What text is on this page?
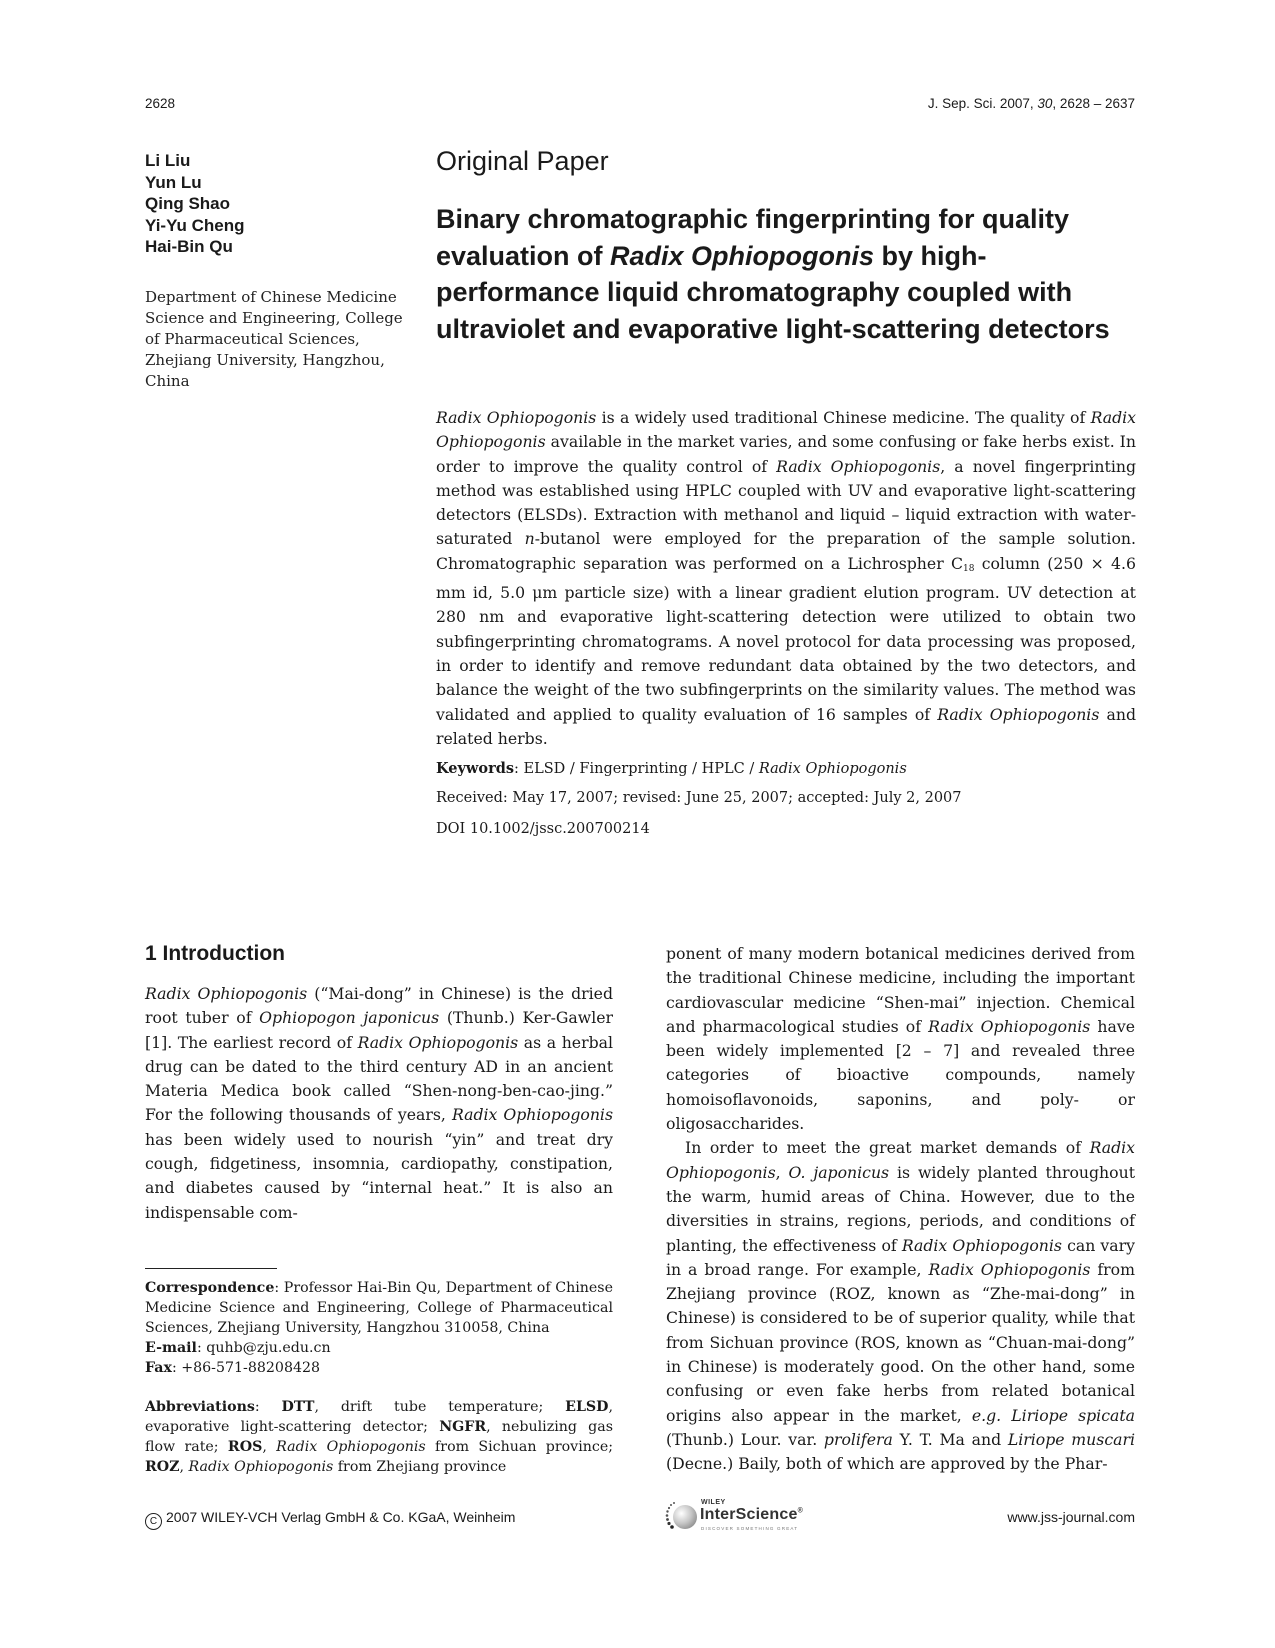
2628	J. Sep. Sci. 2007, 30, 2628 – 2637
Li Liu
Yun Lu
Qing Shao
Yi-Yu Cheng
Hai-Bin Qu
Department of Chinese Medicine
Science and Engineering, College
of Pharmaceutical Sciences,
Zhejiang University, Hangzhou,
China
Original Paper
Binary chromatographic fingerprinting for quality evaluation of Radix Ophiopogonis by high-performance liquid chromatography coupled with ultraviolet and evaporative light-scattering detectors
Radix Ophiopogonis is a widely used traditional Chinese medicine. The quality of Radix Ophiopogonis available in the market varies, and some confusing or fake herbs exist. In order to improve the quality control of Radix Ophiopogonis, a novel fingerprinting method was established using HPLC coupled with UV and evaporative light-scattering detectors (ELSDs). Extraction with methanol and liquid – liquid extraction with water-saturated n-butanol were employed for the preparation of the sample solution. Chromatographic separation was performed on a Lichrospher $C_{18}$ column (250 × 4.6 mm id, 5.0 μm particle size) with a linear gradient elution program. UV detection at 280 nm and evaporative light-scattering detection were utilized to obtain two subfingerprinting chromatograms. A novel protocol for data processing was proposed, in order to identify and remove redundant data obtained by the two detectors, and balance the weight of the two subfingerprints on the similarity values. The method was validated and applied to quality evaluation of 16 samples of Radix Ophiopogonis and related herbs.
Keywords: ELSD / Fingerprinting / HPLC / Radix Ophiopogonis
Received: May 17, 2007; revised: June 25, 2007; accepted: July 2, 2007
DOI 10.1002/jssc.200700214
1 Introduction
Radix Ophiopogonis (“Mai-dong” in Chinese) is the dried root tuber of Ophiopogon japonicus (Thunb.) Ker-Gawler [1]. The earliest record of Radix Ophiopogonis as a herbal drug can be dated to the third century AD in an ancient Materia Medica book called “Shen-nong-ben-cao-jing.” For the following thousands of years, Radix Ophiopogonis has been widely used to nourish “yin” and treat dry cough, fidgetiness, insomnia, cardiopathy, constipation, and diabetes caused by “internal heat.” It is also an indispensable com-

ponent of many modern botanical medicines derived from the traditional Chinese medicine, including the important cardiovascular medicine “Shen-mai” injection. Chemical and pharmacological studies of Radix Ophiopogonis have been widely implemented [2 – 7] and revealed three categories of bioactive compounds, namely homoisoflavonoids, saponins, and poly- or oligosaccharides.

In order to meet the great market demands of Radix Ophiopogonis, O. japonicus is widely planted throughout the warm, humid areas of China. However, due to the diversities in strains, regions, periods, and conditions of planting, the effectiveness of Radix Ophiopogonis can vary in a broad range. For example, Radix Ophiopogonis from Zhejiang province (ROZ, known as “Zhe-mai-dong” in Chinese) is considered to be of superior quality, while that from Sichuan province (ROS, known as “Chuan-mai-dong” in Chinese) is moderately good. On the other hand, some confusing or even fake herbs from related botanical origins also appear in the market, e.g. Liriope spicata (Thunb.) Lour. var. prolifera Y. T. Ma and Liriope muscari (Decne.) Baily, both of which are approved by the Phar-

Correspondence: Professor Hai-Bin Qu, Department of Chinese Medicine Science and Engineering, College of Pharmaceutical Sciences, Zhejiang University, Hangzhou 310058, China
E-mail: quhb@zju.edu.cn
Fax: +86-571-88208428
Abbreviations: DTT, drift tube temperature; ELSD, evaporative light-scattering detector; NGFR, nebulizing gas flow rate; ROS, Radix Ophiopogonis from Sichuan province; ROZ, Radix Ophiopogonis from Zhejiang province
C 2007 WILEY-VCH Verlag GmbH & Co. KGaA, Weinheim
WILEY
InterScience®
DISCOVER SOMETHING GREAT
www.jss-journal.com
